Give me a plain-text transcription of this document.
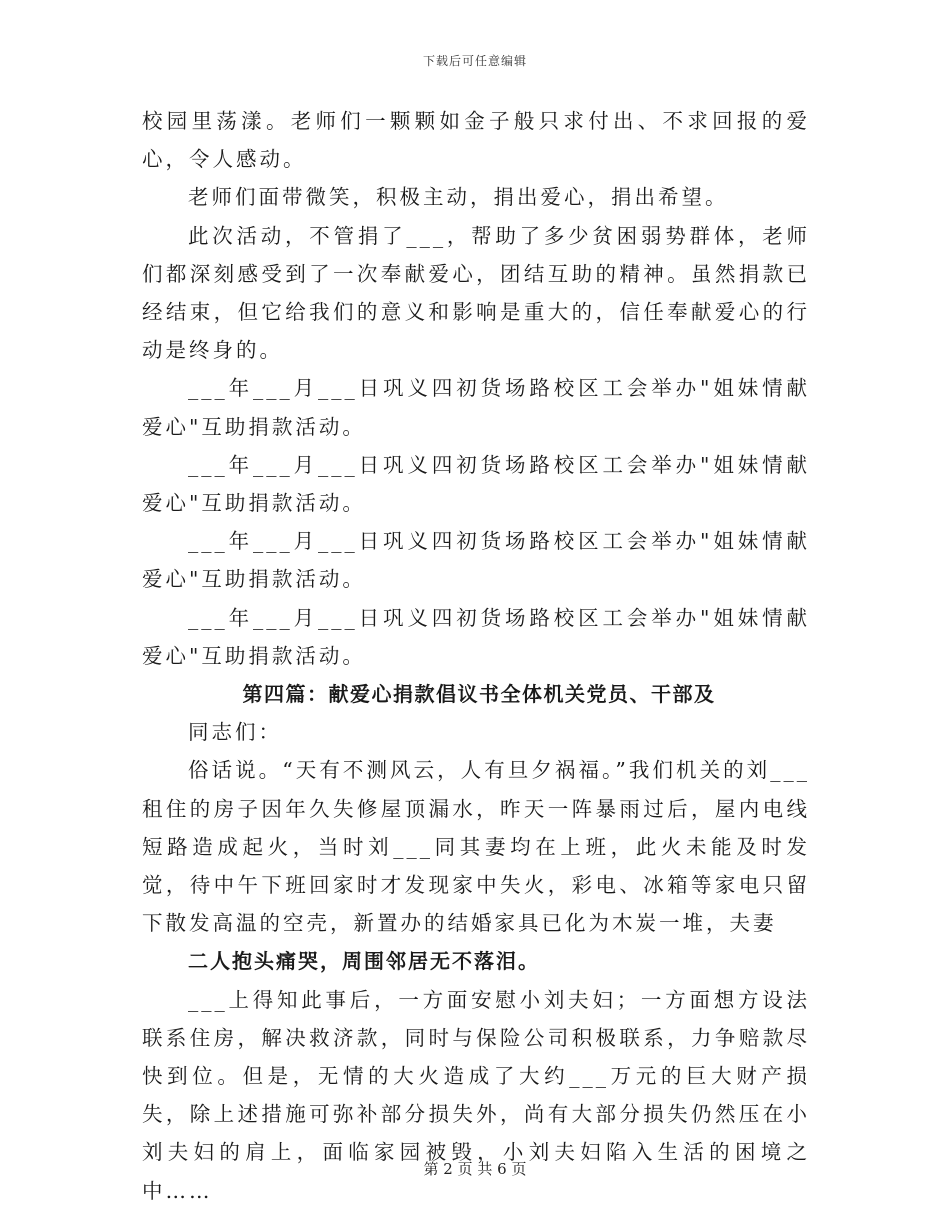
下载后可任意编辑

校园里荡漾。老师们一颗颗如金子般只求付出、不求回报的爱心，令人感动。

老师们面带微笑，积极主动，捐出爱心，捐出希望。

此次活动，不管捐了___，帮助了多少贫困弱势群体，老师们都深刻感受到了一次奉献爱心，团结互助的精神。虽然捐款已经结束，但它给我们的意义和影响是重大的，信任奉献爱心的行动是终身的。

___年___月___日巩义四初货场路校区工会举办"姐妹情献爱心"互助捐款活动。

___年___月___日巩义四初货场路校区工会举办"姐妹情献爱心"互助捐款活动。

___年___月___日巩义四初货场路校区工会举办"姐妹情献爱心"互助捐款活动。

___年___月___日巩义四初货场路校区工会举办"姐妹情献爱心"互助捐款活动。

第四篇：献爱心捐款倡议书全体机关党员、干部及

同志们：

俗话说。“天有不测风云，人有旦夕祸福。”我们机关的刘___租住的房子因年久失修屋顶漏水，昨天一阵暴雨过后，屋内电线短路造成起火，当时刘___同其妻均在上班，此火未能及时发觉，待中午下班回家时才发现家中失火，彩电、冰箱等家电只留下散发高温的空壳，新置办的结婚家具已化为木炭一堆，夫妻

二人抱头痛哭，周围邻居无不落泪。

___上得知此事后，一方面安慰小刘夫妇；一方面想方设法联系住房，解决救济款，同时与保险公司积极联系，力争赔款尽快到位。但是，无情的大火造成了大约___万元的巨大财产损失，除上述措施可弥补部分损失外，尚有大部分损失仍然压在小刘夫妇的肩上，面临家园被毁，小刘夫妇陷入生活的困境之中……

第 2 页 共 6 页
